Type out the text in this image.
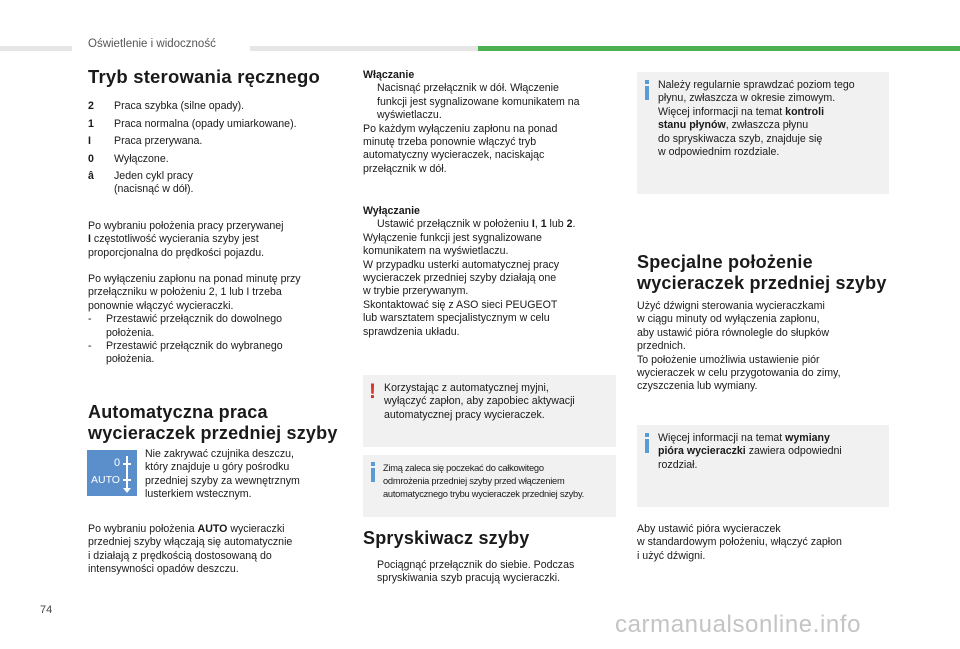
Oświetlenie i widoczność
Tryb sterowania ręcznego
2 Praca szybka (silne opady).
1 Praca normalna (opady umiarkowane).
I Praca przerywana.
0 Wyłączone.
â Jeden cykl pracy
(nacisnąć w dół).

Po wybraniu położenia pracy przerywanej

I częstotliwość wycierania szyby jest

proporcjonalna do prędkości pojazdu.

Po wyłączeniu zapłonu na ponad minutę przy

przełączniku w położeniu 2, 1 lub I trzeba

ponownie włączyć wycieraczki.

- Przestawić przełącznik do dowolnego

położenia.

- Przestawić przełącznik do wybranego

położenia.

Automatyczna praca
wycieraczek przedniej szyby
0
AUTO

Nie zakrywać czujnika deszczu,

który znajduje u góry pośrodku

przedniej szyby za wewnętrznym

lusterkiem wstecznym.

Po wybraniu położenia AUTO wycieraczki

przedniej szyby włączają się automatycznie

i działają z prędkością dostosowaną do

intensywności opadów deszczu.

Włączanie

Nacisnąć przełącznik w dół. Włączenie

funkcji jest sygnalizowane komunikatem na

wyświetlaczu.

Po każdym wyłączeniu zapłonu na ponad

minutę trzeba ponownie włączyć tryb

automatyczny wycieraczek, naciskając

przełącznik w dół.

Wyłączanie

Ustawić przełącznik w położeniu I, 1 lub 2.

Wyłączenie funkcji jest sygnalizowane

komunikatem na wyświetlaczu.

W przypadku usterki automatycznej pracy

wycieraczek przedniej szyby działają one

w trybie przerywanym.

Skontaktować się z ASO sieci PEUGEOT

lub warsztatem specjalistycznym w celu

sprawdzenia układu.

! Korzystając z automatycznej myjni,

wyłączyć zapłon, aby zapobiec aktywacji

automatycznej pracy wycieraczek.

Zimą zaleca się poczekać do całkowitego

odmrożenia przedniej szyby przed włączeniem

automatycznego trybu wycieraczek przedniej szyby.

Spryskiwacz szyby

Pociągnąć przełącznik do siebie. Podczas

spryskiwania szyb pracują wycieraczki.

Należy regularnie sprawdzać poziom tego

płynu, zwłaszcza w okresie zimowym.

Więcej informacji na temat kontroli

stanu płynów, zwłaszcza płynu

do spryskiwacza szyb, znajduje się

w odpowiednim rozdziale.

Specjalne położenie
wycieraczek przedniej szyby

Użyć dźwigni sterowania wycieraczkami

w ciągu minuty od wyłączenia zapłonu,

aby ustawić pióra równolegle do słupków

przednich.

To położenie umożliwia ustawienie piór

wycieraczek w celu przygotowania do zimy,

czyszczenia lub wymiany.

Więcej informacji na temat wymiany

pióra wycieraczki zawiera odpowiedni

rozdział.

Aby ustawić pióra wycieraczek

w standardowym położeniu, włączyć zapłon

i użyć dźwigni.

74
carmanualsonline.info
